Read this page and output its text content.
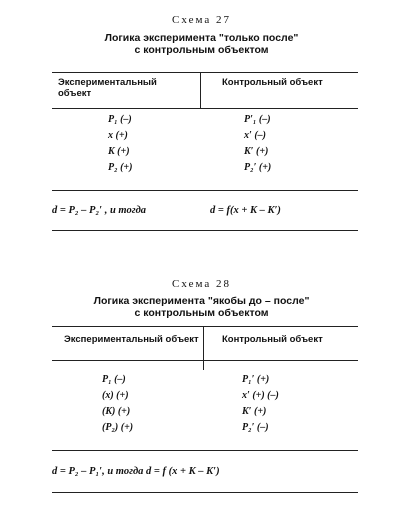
Схема 27
Логика эксперимента "только после"
с контрольным объектом
Экспериментальный объект
Контрольный объект
P₁ (–)
x (+)
K (+)
P₂ (+)
P′₁ (–)
x′ (–)
K′ (+)
P₂′ (+)
d = P₂ – P₂′ , и тогда	d = f(x + K – K′)
Схема 28
Логика эксперимента "якобы до – после"
с контрольным объектом
Экспериментальный объект Контрольный объект
P₁ (–)
(x) (+)
(K) (+)
(P₂) (+)
P₁′ (+)
x′ (+) (–)
K′ (+)
P₂′ (–)
d = P₂ – P₁′, и тогда d = f (x + K – K′)
